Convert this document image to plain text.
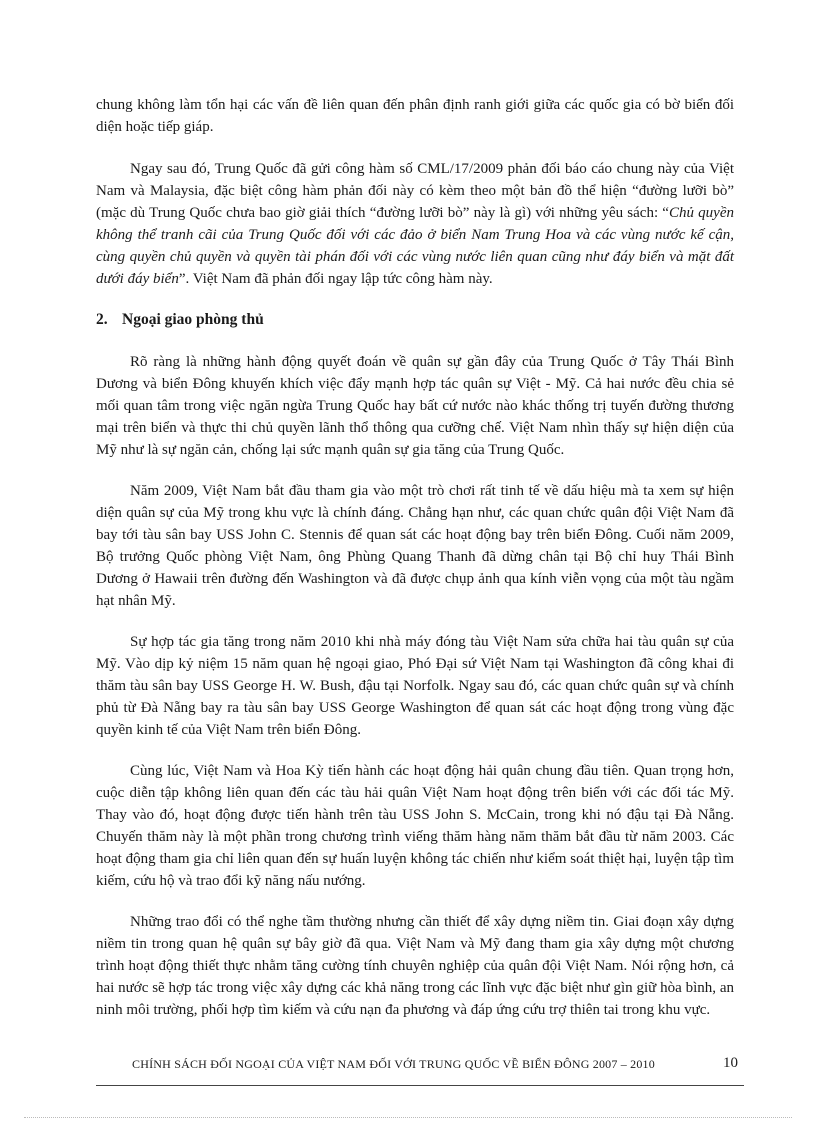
chung không làm tổn hại các vấn đề liên quan đến phân định ranh giới giữa các quốc gia có bờ biển đối diện hoặc tiếp giáp.

Ngay sau đó, Trung Quốc đã gửi công hàm số CML/17/2009 phản đối báo cáo chung này của Việt Nam và Malaysia, đặc biệt công hàm phản đối này có kèm theo một bản đồ thể hiện “đường lưỡi bò” (mặc dù Trung Quốc chưa bao giờ giải thích “đường lưỡi bò” này là gì) với những yêu sách: “Chủ quyền không thể tranh cãi của Trung Quốc đối với các đảo ở biển Nam Trung Hoa và các vùng nước kế cận, cùng quyền chủ quyền và quyền tài phán đối với các vùng nước liên quan cũng như đáy biển và mặt đất dưới đáy biển”. Việt Nam đã phản đối ngay lập tức công hàm này.

2. Ngoại giao phòng thủ

Rõ ràng là những hành động quyết đoán về quân sự gần đây của Trung Quốc ở Tây Thái Bình Dương và biển Đông khuyến khích việc đẩy mạnh hợp tác quân sự Việt - Mỹ. Cả hai nước đều chia sẻ mối quan tâm trong việc ngăn ngừa Trung Quốc hay bất cứ nước nào khác thống trị tuyến đường thương mại trên biển và thực thi chủ quyền lãnh thổ thông qua cưỡng chế. Việt Nam nhìn thấy sự hiện diện của Mỹ như là sự ngăn cản, chống lại sức mạnh quân sự gia tăng của Trung Quốc.

Năm 2009, Việt Nam bắt đầu tham gia vào một trò chơi rất tinh tế về dấu hiệu mà ta xem sự hiện diện quân sự của Mỹ trong khu vực là chính đáng. Chẳng hạn như, các quan chức quân đội Việt Nam đã bay tới tàu sân bay USS John C. Stennis để quan sát các hoạt động bay trên biển Đông. Cuối năm 2009, Bộ trưởng Quốc phòng Việt Nam, ông Phùng Quang Thanh đã dừng chân tại Bộ chỉ huy Thái Bình Dương ở Hawaii trên đường đến Washington và đã được chụp ảnh qua kính viễn vọng của một tàu ngầm hạt nhân Mỹ.

Sự hợp tác gia tăng trong năm 2010 khi nhà máy đóng tàu Việt Nam sửa chữa hai tàu quân sự của Mỹ. Vào dịp kỷ niệm 15 năm quan hệ ngoại giao, Phó Đại sứ Việt Nam tại Washington đã công khai đi thăm tàu sân bay USS George H. W. Bush, đậu tại Norfolk. Ngay sau đó, các quan chức quân sự và chính phủ từ Đà Nẵng bay ra tàu sân bay USS George Washington để quan sát các hoạt động trong vùng đặc quyền kinh tế của Việt Nam trên biển Đông.

Cùng lúc, Việt Nam và Hoa Kỳ tiến hành các hoạt động hải quân chung đầu tiên. Quan trọng hơn, cuộc diễn tập không liên quan đến các tàu hải quân Việt Nam hoạt động trên biển với các đối tác Mỹ. Thay vào đó, hoạt động được tiến hành trên tàu USS John S. McCain, trong khi nó đậu tại Đà Nẵng. Chuyến thăm này là một phần trong chương trình viếng thăm hàng năm thăm bắt đầu từ năm 2003. Các hoạt động tham gia chỉ liên quan đến sự huấn luyện không tác chiến như kiểm soát thiệt hại, luyện tập tìm kiếm, cứu hộ và trao đổi kỹ năng nấu nướng.

Những trao đổi có thể nghe tầm thường nhưng cần thiết để xây dựng niềm tin. Giai đoạn xây dựng niềm tin trong quan hệ quân sự bây giờ đã qua. Việt Nam và Mỹ đang tham gia xây dựng một chương trình hoạt động thiết thực nhằm tăng cường tính chuyên nghiệp của quân đội Việt Nam. Nói rộng hơn, cả hai nước sẽ hợp tác trong việc xây dựng các khả năng trong các lĩnh vực đặc biệt như gìn giữ hòa bình, an ninh môi trường, phối hợp tìm kiếm và cứu nạn đa phương và đáp ứng cứu trợ thiên tai trong khu vực.

CHÍNH SÁCH ĐỐI NGOẠI CỦA VIỆT NAM ĐỐI VỚI TRUNG QUỐC VỀ BIỂN ĐÔNG 2007 – 2010	10
